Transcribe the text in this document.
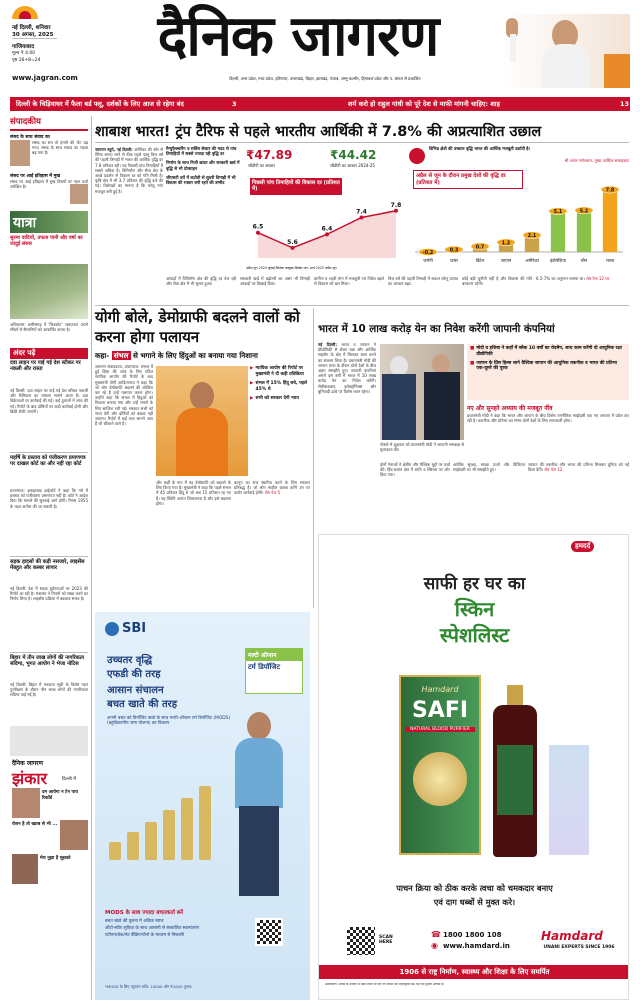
नई दिल्ली, शनिवार
30 अगस्त, 2025
गाजियाबाद
मूल्य ₹ 4.00
पृष्ठ 16+8=24	दैनिक जागरण
www.jagran.com	दिल्ली, उत्तर प्रदेश, मध्य प्रदेश, हरियाणा, उत्तराखंड, बिहार, झारखंड, पंजाब, जम्मू-कश्मीर, हिमाचल प्रदेश और प. बंगाल से प्रकाशित
दिल्ली के चिड़ियाघर में फैला बर्ड फ्लू, दर्शकों के लिए आज से रहेगा बंद	3	शर्म करो हो राहुल गांधी को पूरे देश से माफी मांगनी चाहिए: शाह	13
संपादकीय
संसद के साथ संवाद का
संसद का सत्र तो हंगामे की भेंट चढ़ गया। संसद के साथ संवाद का महत्व बढ़ गया है।
संसद पर आई इतिहास में मुख
संसद पर आई इतिहास में मुख विषयों पर गहन चर्चा अपेक्षित है।
यात्रा
सुरम्य वादियों, उफता पानी और वर्षा का जादुई संसार
अधिकतम: छत्तीसगढ़ में 'चित्रकोट' जलप्रपात अपने सौंदर्य से सैलानियों को आकर्षित करता है।
अंदर पढ़ें
दवा लाइन पर पाई गई देश स्टीकर पर नकली और रास्ता
नई दिल्ली: दवा लाइन पर पाई गई देश स्टीकर नकली और कैमिकल का मामला सामने आया है। दवा विक्रेताओं पर कार्रवाई की गई। कई दुकानों में जांच की गई। रिपोर्ट के बाद दोषियों पर कड़ी कार्रवाई होगी और बिक्री रोकी जाएगी।
महर्षि के प्रस्ताव को पंजीकरण प्रमाणपत्र पर दाखल कोर्ट का और नहीं रहा कोर्ट
प्रयागराज: इलाहाबाद हाईकोर्ट ने कहा कि नये में प्रस्ताव को पंजीकरण प्रमाणपत्र नहीं है। कोर्ट ने आदेश दिया कि मामले की सुनवाई आगे होगी। नियम 1955 के तहत अपील की जा सकती है।
सड़क हादसों की कड़ी नसजारे, लाइसेंस मेंबहुत और कस्बर लापार
नई दिल्ली: देश में सड़क दुर्घटनाओं पर 2023 की रिपोर्ट आ रही है। मंत्रालय ने नियमों को सख्त करने का निर्णय लिया है। लाइसेंस प्रक्रिया में बदलाव संभव है।
बिहार में तीन लाख लोगों की नागरिकता संदिग्ध, भुगत आयोग ने भेजा नोटिस
नई दिल्ली: बिहार में मतदाता सूची के विशेष गहन पुनरीक्षण के दौरान तीन लाख लोगों की नागरिकता संदिग्ध पाई गई है।
दैनिक जागरण
झंकार	दिल्ली में
दम आयेगा न टेन पाय रिकॉर्ड
रोशन है तो ख्वाब से भी ...
मेरा नुझा है मुझको
शाबाश भारत! ट्रंप टैरिफ से पहले भारतीय आर्थिकी में 7.8% की अप्रत्याशित उछाल
जागरण ब्यूरो, नई दिल्ली: अमेरिका की ओर से टैरिफ लगाए जाने से ठीक पहले चालू वित्त वर्ष की पहली तिमाही में भारत की आर्थिक वृद्धि दर 7.8 प्रतिशत रही। यह पिछली पांच तिमाहियों में सबसे अधिक है। विनिर्माण और सेवा क्षेत्र के अच्छे प्रदर्शन से विकास दर को गति मिली है। कृषि क्षेत्र में भी 3.7 प्रतिशत की वृद्धि दर्ज की गई। विशेषज्ञों का मानना है कि घरेलू मांग मजबूत बनी हुई है।
मैन्युफैक्चरिंग व सर्विस सेक्टर की मदद से पांच तिमाहियों में सबसे ज्यादा रही वृद्धि दर
निर्माण के साथ निजी खपत और सरकारी खर्च में वृद्धि से भी प्रोत्साहन
जीएसटी दरों में कटौती से सुधरी तिमाही में भी विकास की रफ्तार बनी रहने की उम्मीद
₹47.89
जीडीपी का आकार
₹44.42
जीडीपी का आकार 2024-25
पिछली पांच तिमाहियों की विकास दर (प्रतिशत में)
6.5
5.6
6.4
7.4
7.8
अप्रैल-जून 2024 जुलाई-सितंबर अक्टूबर-दिसंबर जन.-मार्च 2025 अप्रैल-जून
विभिन्न क्षेत्रों की उच्चतर वृद्धि भारत की आर्थिक मजबूती दर्शाती है।
श्री अनंत नागेश्वरन, मुख्य आर्थिक सलाहकार
अप्रैल से जून के दौरान प्रमुख देशों की वृद्धि दर (प्रतिशत में)
-0.2
जर्मनी
0.3
फ्रांस
0.7
ब्रिटेन
1.2
जापान
2.1
अमेरिका
5.1
इंडोनेशिया
5.2
चीन
7.8
भारत
आंकड़ों में विनिर्माण क्षेत्र की वृद्धि दर तेज रही और सेवा क्षेत्र में भी सुधार हुआ।
सरकारी खर्च में बढ़ोतरी का असर भी तिमाही आंकड़ों पर दिखाई दिया।
ग्रामीण व शहरी मांग में मजबूती एवं निवेश बढ़ने से विकास को बल मिला।
वित्त वर्ष की पहली तिमाही में सकल घरेलू उत्पाद का आकार बढ़ा।
कोई बड़ी चुनौती नहीं है और विकास की गति बरकरार रहेगी।
6.5-7% का अनुमान लगाया था। शेष पेज 12 पर
योगी बोले, डेमोग्राफी बदलने वालों को करना होगा पलायन
कहा- संभल से भगाने के लिए हिंदुओं का बनाया गया निशाना
जागरण संवाददाता, प्रयागराज: संभल में हुई हिंसा की जांच के लिए गठित न्यायिक आयोग की रिपोर्ट के बाद मुख्यमंत्री योगी आदित्यनाथ ने कहा कि जो लोग डेमोग्राफी बदलने की कोशिश कर रहे हैं उन्हें पलायन करना होगा। उन्होंने कहा कि संभल में हिंदुओं को निशाना बनाया गया और उन्हें भगाने के लिए साजिश रची गई। सरकार सभी को न्याय देगी और दोषियों को बख्शा नहीं जाएगा। रिपोर्ट में कई तथ्य सामने आए हैं जो चौंकाने वाले हैं।
▶ न्यायिक आयोग की रिपोर्ट पर मुख्यमंत्री ने दी कड़ी प्रतिक्रिया
▶ संभल में 15% हिंदू बचे, पहले 45% थे
▶ सभी को सरकार देगी न्याय
और कहीं के रूप में यह डेमोग्राफी को बदलने के लिए किया गया है। मुख्यमंत्री ने कहा कि पहले संभल में 45 प्रतिशत हिंदू थे जो अब 15 प्रतिशत रह गए हैं। यह स्थिति अत्यंत चिंताजनक है और इसे बदलना होगा।
कानून का राज स्थापित करने के लिए सरकार प्रतिबद्ध है। जो लोग माहौल खराब करेंगे उन पर कठोर कार्रवाई होगी। शेष पेज 5
भारत में 10 लाख करोड़ येन का निवेश करेंगी जापानी कंपनियां
नई दिल्ली: भारत व जापान ने प्रौद्योगिकी से लेकर रक्षा और आर्थिक सहयोग के क्षेत्र में मिलकर काम करने का संकल्प लिया है। प्रधानमंत्री मोदी की जापान यात्रा के दौरान दोनों देशों के बीच अहम समझौते हुए। जापानी कंपनियां अगले दस वर्षों में भारत में 10 लाख करोड़ येन का निवेश करेंगी। सेमीकंडक्टर, इलेक्ट्रॉनिक्स और बुनियादी ढांचे पर विशेष ध्यान रहेगा।
टोक्यो में शुक्रवार को प्रधानमंत्री मोदी ने जापानी समकक्ष से मुलाकात की।
■ मोदी व इशिबा ने कहाँ में ब्लैक 10 वर्षों का रोडमैप, साथ काम करेंगी दो आधुनिक रक्षा प्रौद्योगिकी
■ जापान के प्रिंस हिल्स लाने वैश्विक जापान की आधुनिक तकनीक व भारत की प्रतिभा एक-दूसरे की पूरक
नए और सुनहरे अध्याय की मजबूत नींव
प्रधानमंत्री मोदी ने कहा कि भारत और जापान के बीच विशेष रणनीतिक साझेदारी एक नए अध्याय में प्रवेश कर रही है। तकनीक और प्रतिभा का संगम दोनों देशों के लिए लाभकारी होगा।
दोनों नेताओं ने क्षेत्रीय और वैश्विक मुद्दों पर चर्चा की। हिंद-प्रशांत क्षेत्र में शांति व स्थिरता पर जोर दिया गया।
आर्थिक सुरक्षा, स्वच्छ ऊर्जा और डिजिटल साझेदारी पर भी समझौते हुए।
जापान की तकनीक और भारत की प्रतिभा मिलकर दुनिया को नई दिशा देंगी। शेष पेज 12
SBI
उच्चतर वृद्धि
एफडी की तरह
आसान संचालन
बचत खाते की तरह
मल्टी ऑप्शन
टर्म डिपॉजिट
अपनी बचत को डिपॉजिट खाते के साथ मल्टी-ऑप्शन टर्म डिपॉजिट (MODS) (बहुविकल्पीय जमा योजना) का विकल्प
MODS के साथ ज्यादा बचतकर्ता बनें
बचत खाते की तुलना में अधिक ब्याज
ऑटो-स्वीप सुविधा के साथ आसानी से स्वचालित स्थानांतरण
एटीएम/चेक/नेट बैंकिंग/योनो के माध्यम से निकासी
*MODS के लिए न्यूनतम राशि: 10000 और ₹1000 गुणक
हमदर्द
साफी हर घर का
स्किन
स्पेशलिस्ट
Hamdard
SAFI
NATURAL BLOOD PURIFIER
पाचन क्रिया को ठीक करके त्वचा को चमकदार बनाए
एवं दाग धब्बों से मुक्त करे।
SCAN HERE
☎ 1800 1800 108
◉ www.hamdard.in
Hamdard
UNANI EXPERTS SINCE 1906
1906 से राष्ट्र निर्माण, स्वास्थ्य और शिक्षा के लिए समर्पित
अस्वीकरण: उत्पाद के उपयोग से पहले लेबल पर दिए गए निर्देशों को ध्यानपूर्वक पढ़ें। यह एक यूनानी औषधि है।
